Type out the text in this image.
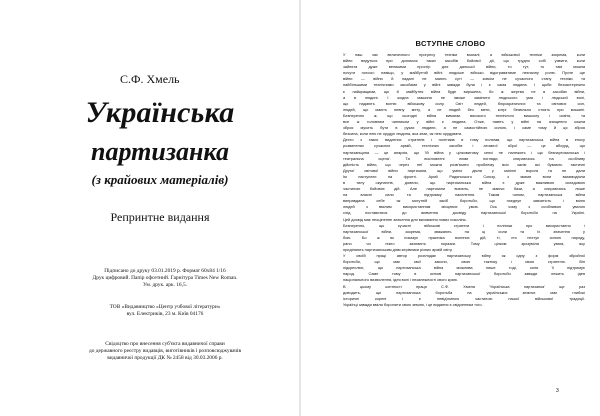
С.Ф. Хмель
Українська
партизанка
(з крайових матеріалів)
Репринтне видання
Підписано до друку 03.01.2019 р. Формат 60x84 1/16
Друк цифровий. Папір офсетний. Гарнітура Times New Roman.
Ум. друк. арк. 16,5.
ТОВ «Видавництво «Центр учбової літератури»
вул. Електриків, 23 м. Київ 04176
Свідоцтво про внесення суб'єкта видавничої справи
до державного реєстру видавців, виготівників і розповсюджувачів
видавничої продукції ДК № 2458 від 30.03.2006 р.
ВСТУПНЕ СЛОВО

У наш час величезного прогресу техніки взагалі, а військової техніки зокрема, коли
війни ведуться при допомозі таких засобів бойової дії, що трудно собі уявити, коли
зайнята дуже великими простір для дальшої війни, то тут, то там можна
почути голоси: навіщо, у майбутній війні людське військо відограватиме незначну ролю. Проте ще
війни — війни й надалі не мають суті — зовсім не сучасного стану техніки та
найбільшими технічними засобами у війні завжди була і є сама людина. І щоби беззастережно
є найкращими, що й майбутня війна буде вирішена, бо ж жертва не в засобах війни,
а в людині. І жодна машина не зможе замінити людського ума і людської волі,
що надають вогню військову силу. Світ людей, бюрократичних та світових сил,
людей, що мають певну мету, а не людей без мети, котрі безвільно стоять при машині.
Безперечно ж, що сьогодні війна вимагає високого технічного вишколу і освіти, та
все ж головним чинником у війні є людина. Отже, навіть у війні на знищення кожна
зброя мусить бути в руках людини, а не самостійною силою, і саме тому й ця зброя
безсила, коли нею не орудує людина, яка знає, як нею орудувати.

Дехто з таких видатних стратегів і політиків в тому полягав, що партизанська війна в епоху
розвинених сучасних армій, технічних засобів і атомної зброї — це абсурд, що
партизанщина — це анархія, що 'їй війна у цілковитому сенсі не належить і що безпартизанська і
театральна сцена'. Та висловлені ними погляди, спираючись на особливу
дійсність війни, що через неї можна розв'язати проблему всіх часів: які бувають тактичні
Другої світової війни партизани, що уміло діяли у запіллі ворога та не дали
їм наступати на фронті. Армії Радянського Союзу, з якими вони взаємодіяли
в тилу окупантів, довели, що партизанська війна є дуже важливою складовою
частиною бойових дій. Але партизани воюють, не маючи бази, а спираючись лише
на власні сили та підтримку населення. Таким чином, партизанська війна
виправдала себе як могутній засіб боротьби, що поєднує завзятість і волю
людей з вмілим використанням місцевих умов. Ось чому з особливою увагою
слід поставитися до вивчення досвіду партизанської боротьби на Україні.
Цей досвід має неоціненне значення для виховання нових поколінь.

Безперечно, що сучасні військові стратеги і політики про використання і
партизанської війни, зокрема, зважають на ці сили та їх значення у
бою. Бо ж як показує практика воєнних дій, ті, хто нехтує силою народу,
рано чи пізно зазнають поразки. Тому цілком зрозуміла увага, яку
приділяють партизанським діям керівники різних армій світу.

У своїй праці автор розглядає партизанську війну як одну з форм збройної
боротьби, що має свої закони, свою тактику і свою стратегію. Він
підкреслює, що партизанська війна можлива лише тоді, коли її підтримує
народ. Саме тому в основі партизанської боротьби завжди лежить ідея
національного визволення, ідея волі і незалежності свого краю.

В цьому контексті праця С.Ф. Хмеля 'Українська партизанка' ще раз
доводить, що партизанська боротьба на українських землях має глибокі
історичні корені і є невід'ємною частиною нашої військової традиції.
Українці завжди вміли боронити свою землю, і це видання є свідченням того.

3
